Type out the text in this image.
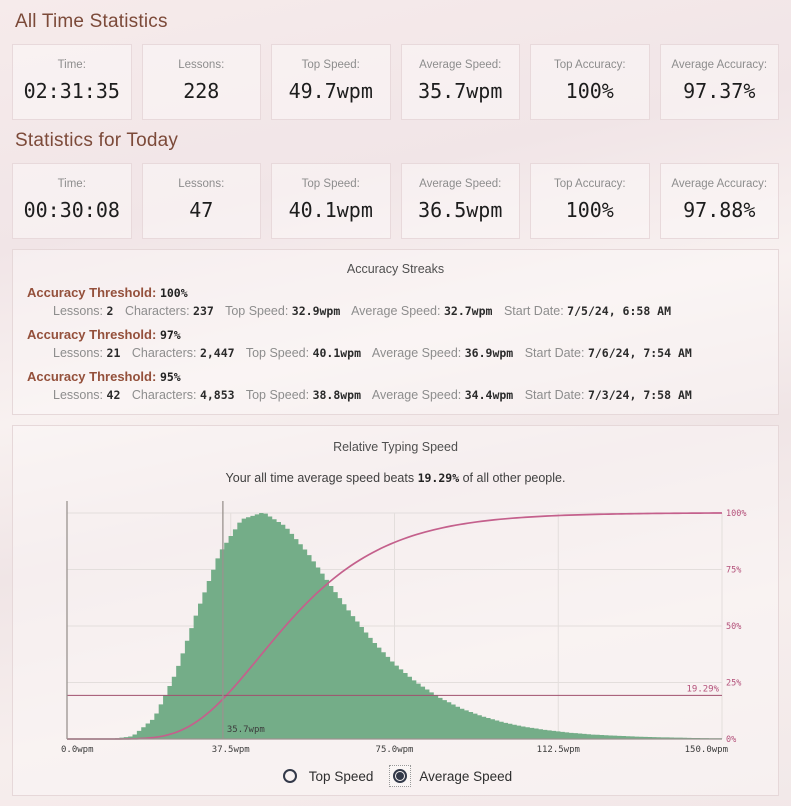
All Time Statistics
Time:
02:31:35
Lessons:
228
Top Speed:
49.7wpm
Average Speed:
35.7wpm
Top Accuracy:
100%
Average Accuracy:
97.37%
Statistics for Today
Time:
00:30:08
Lessons:
47
Top Speed:
40.1wpm
Average Speed:
36.5wpm
Top Accuracy:
100%
Average Accuracy:
97.88%
Accuracy Streaks
Accuracy Threshold: 100%
Lessons: 2 Characters: 237 Top Speed: 32.9wpm Average Speed: 32.7wpm Start Date: 7/5/24, 6:58 AM
Accuracy Threshold: 97%
Lessons: 21 Characters: 2,447 Top Speed: 40.1wpm Average Speed: 36.9wpm Start Date: 7/6/24, 7:54 AM
Accuracy Threshold: 95%
Lessons: 42 Characters: 4,853 Top Speed: 38.8wpm Average Speed: 34.4wpm Start Date: 7/3/24, 7:58 AM
Relative Typing Speed
Your all time average speed beats 19.29% of all other people.
0.0wpm	37.5wpm	75.0wpm	112.5wpm	150.0wpm
0%
25%
50%
75%
100%
35.7wpm
19.29%
Top Speed	Average Speed
